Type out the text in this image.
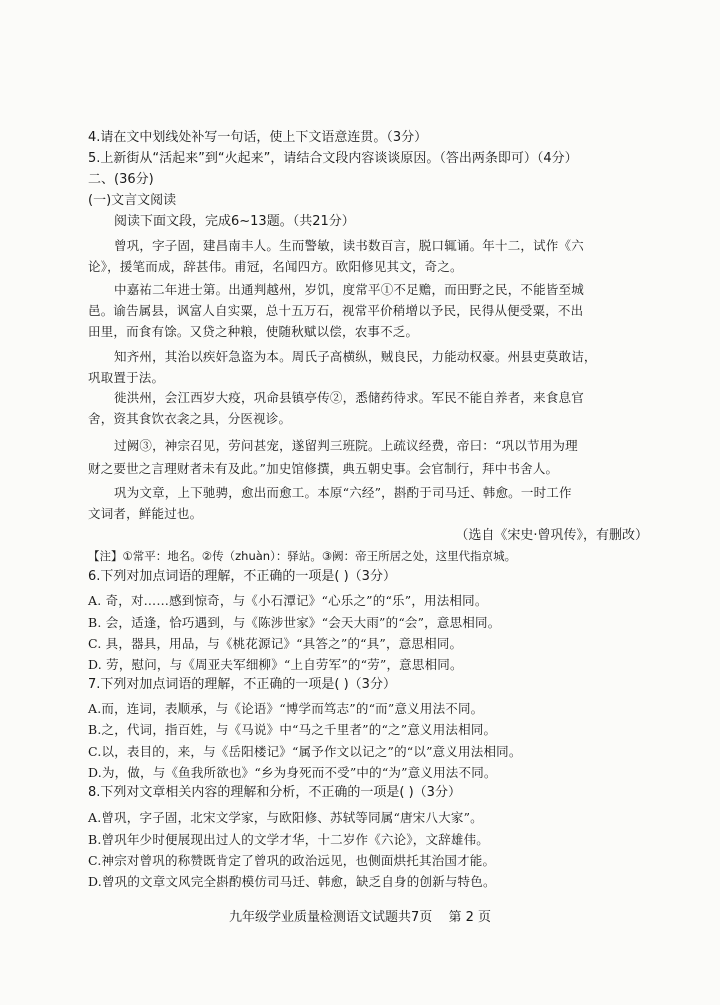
4.请在文中划线处补写一句话，使上下文语意连贯。（3分）
5.上新街从“活起来”到“火起来”，请结合文段内容谈谈原因。（答出两条即可）（4分）
二、(36分)
(一)文言文阅读
阅读下面文段，完成6~13题。（共21分）
曾巩，字子固，建昌南丰人。生而警敏，读书数百言，脱口辄诵。年十二，试作《六
论》，援笔而成，辞甚伟。甫冠，名闻四方。欧阳修见其文，奇之。
中嘉祐二年进士第。出通判越州，岁饥，度常平①不足赡，而田野之民，不能皆至城
邑。谕告属县，讽富人自实粟，总十五万石，视常平价稍增以予民，民得从便受粟，不出
田里，而食有馀。又贷之种粮，使随秋赋以偿，农事不乏。
知齐州，其治以疾奸急盗为本。周氏子高横纵，贼良民，力能动权豪。州县吏莫敢诘，
巩取置于法。
徙洪州，会江西岁大疫，巩命县镇亭传②，悉储药待求。军民不能自养者，来食息官
舍，资其食饮衣衾之具，分医视诊。
过阙③，神宗召见，劳问甚宠，遂留判三班院。上疏议经费，帝曰：“巩以节用为理
财之要世之言理财者未有及此。”加史馆修撰，典五朝史事。会官制行，拜中书舍人。
巩为文章，上下驰骋，愈出而愈工。本原“六经”，斟酌于司马迁、韩愈。一时工作
文词者，鲜能过也。
（选自《宋史·曾巩传》，有删改）
【注】①常平：地名。②传（zhuàn）：驿站。③阙：帝王所居之处，这里代指京城。
6.下列对加点词语的理解，不正确的一项是( )（3分）
A. 奇，对……感到惊奇，与《小石潭记》“心乐之”的“乐”，用法相同。
B. 会，适逢，恰巧遇到，与《陈涉世家》“会天大雨”的“会”，意思相同。
C. 具，器具，用品，与《桃花源记》“具答之”的“具”，意思相同。
D. 劳，慰问，与《周亚夫军细柳》“上自劳军”的“劳”，意思相同。
7.下列对加点词语的理解，不正确的一项是( )（3分）
A.而，连词，表顺承，与《论语》“博学而笃志”的“而”意义用法不同。
B.之，代词，指百姓，与《马说》中“马之千里者”的“之”意义用法相同。
C.以，表目的，来，与《岳阳楼记》“属予作文以记之”的“以”意义用法相同。
D.为，做，与《鱼我所欲也》“乡为身死而不受”中的“为”意义用法不同。
8.下列对文章相关内容的理解和分析，不正确的一项是( )（3分）
A.曾巩，字子固，北宋文学家，与欧阳修、苏轼等同属“唐宋八大家”。
B.曾巩年少时便展现出过人的文学才华，十二岁作《六论》，文辞雄伟。
C.神宗对曾巩的称赞既肯定了曾巩的政治远见，也侧面烘托其治国才能。
D.曾巩的文章文风完全斟酌模仿司马迁、韩愈，缺乏自身的创新与特色。
九年级学业质量检测语文试题共7页 第 2 页
